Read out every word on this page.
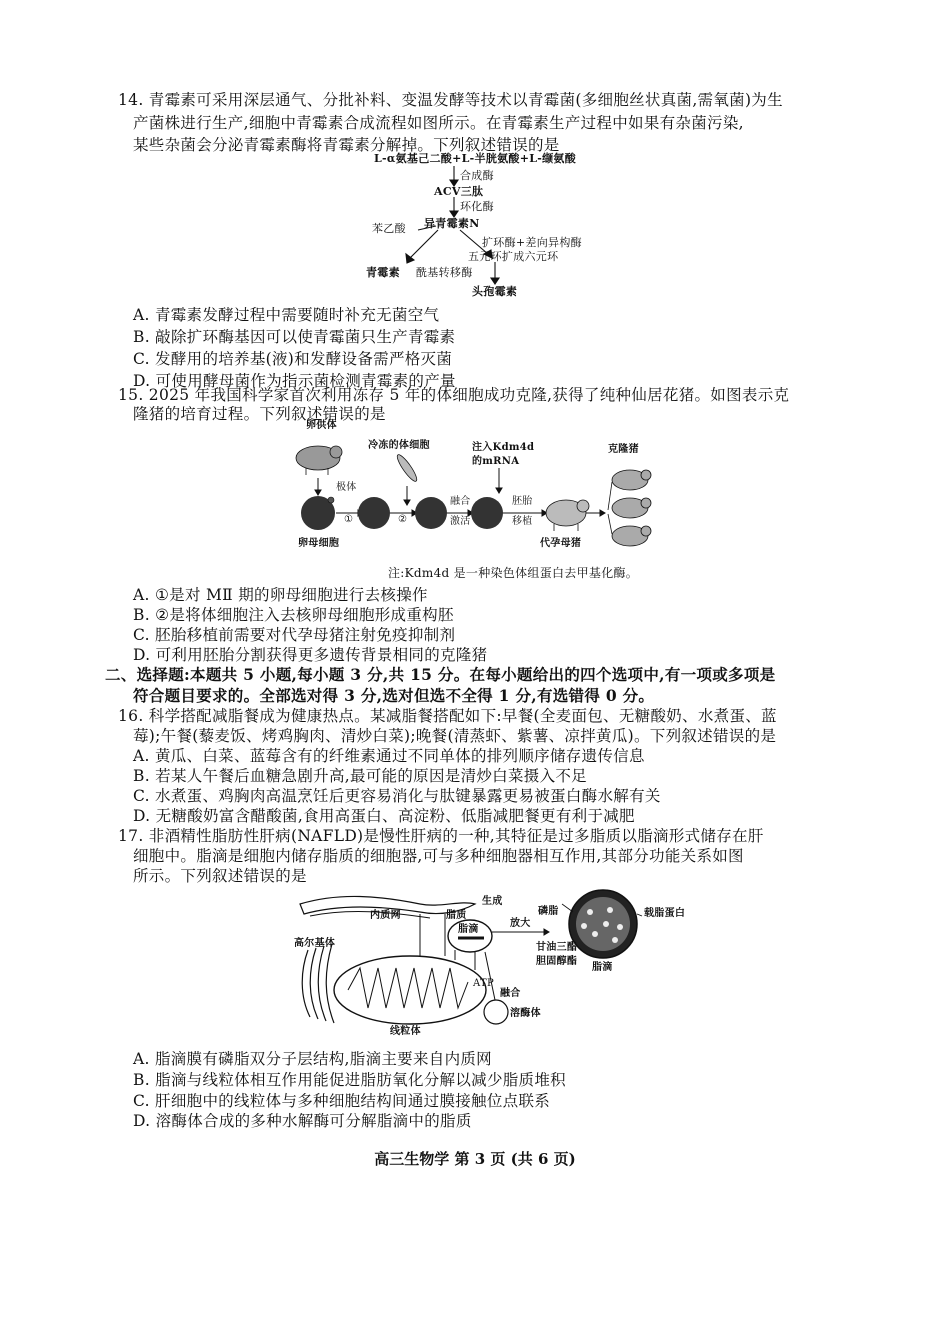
14. 青霉素可采用深层通气、分批补料、变温发酵等技术以青霉菌(多细胞丝状真菌,需氧菌)为生
产菌株进行生产,细胞中青霉素合成流程如图所示。在青霉素生产过程中如果有杂菌污染,
某些杂菌会分泌青霉素酶将青霉素分解掉。下列叙述错误的是
L-α氨基己二酸+L-半胱氨酸+L-缬氨酸
合成酶
ACV三肽
环化酶
异青霉素N
苯乙酸
扩环酶+差向异构酶
五元环扩成六元环
青霉素 酰基转移酶
头孢霉素
A. 青霉素发酵过程中需要随时补充无菌空气
B. 敲除扩环酶基因可以使青霉菌只生产青霉素
C. 发酵用的培养基(液)和发酵设备需严格灭菌
D. 可使用酵母菌作为指示菌检测青霉素的产量
15. 2025 年我国科学家首次利用冻存 5 年的体细胞成功克隆,获得了纯种仙居花猪。如图表示克
隆猪的培育过程。下列叙述错误的是
卵供体
冷冻的体细胞	注入Kdm4d
的mRNA
克隆猪
极体
①	②
融合
激活
胚胎
移植
卵母细胞	代孕母猪
注:Kdm4d 是一种染色体组蛋白去甲基化酶。
A. ①是对 MⅡ 期的卵母细胞进行去核操作
B. ②是将体细胞注入去核卵母细胞形成重构胚
C. 胚胎移植前需要对代孕母猪注射免疫抑制剂
D. 可利用胚胎分割获得更多遗传背景相同的克隆猪
二、选择题:本题共 5 小题,每小题 3 分,共 15 分。在每小题给出的四个选项中,有一项或多项是
符合题目要求的。全部选对得 3 分,选对但选不全得 1 分,有选错得 0 分。
16. 科学搭配减脂餐成为健康热点。某减脂餐搭配如下:早餐(全麦面包、无糖酸奶、水煮蛋、蓝
莓);午餐(藜麦饭、烤鸡胸肉、清炒白菜);晚餐(清蒸虾、紫薯、凉拌黄瓜)。下列叙述错误的是
A. 黄瓜、白菜、蓝莓含有的纤维素通过不同单体的排列顺序储存遗传信息
B. 若某人午餐后血糖急剧升高,最可能的原因是清炒白菜摄入不足
C. 水煮蛋、鸡胸肉高温烹饪后更容易消化与肽键暴露更易被蛋白酶水解有关
D. 无糖酸奶富含醋酸菌,食用高蛋白、高淀粉、低脂减肥餐更有利于减肥
17. 非酒精性脂肪性肝病(NAFLD)是慢性肝病的一种,其特征是过多脂质以脂滴形式储存在肝
细胞中。脂滴是细胞内储存脂质的细胞器,可与多种细胞器相互作用,其部分功能关系如图
所示。下列叙述错误的是
内质网	脂质
生成
磷脂	载脂蛋白
高尔基体
脂滴
放大
甘油三酯
胆固醇酯
脂滴
ATP
融合
线粒体
溶酶体
A. 脂滴膜有磷脂双分子层结构,脂滴主要来自内质网
B. 脂滴与线粒体相互作用能促进脂肪氧化分解以减少脂质堆积
C. 肝细胞中的线粒体与多种细胞结构间通过膜接触位点联系
D. 溶酶体合成的多种水解酶可分解脂滴中的脂质
高三生物学 第 3 页 (共 6 页)
